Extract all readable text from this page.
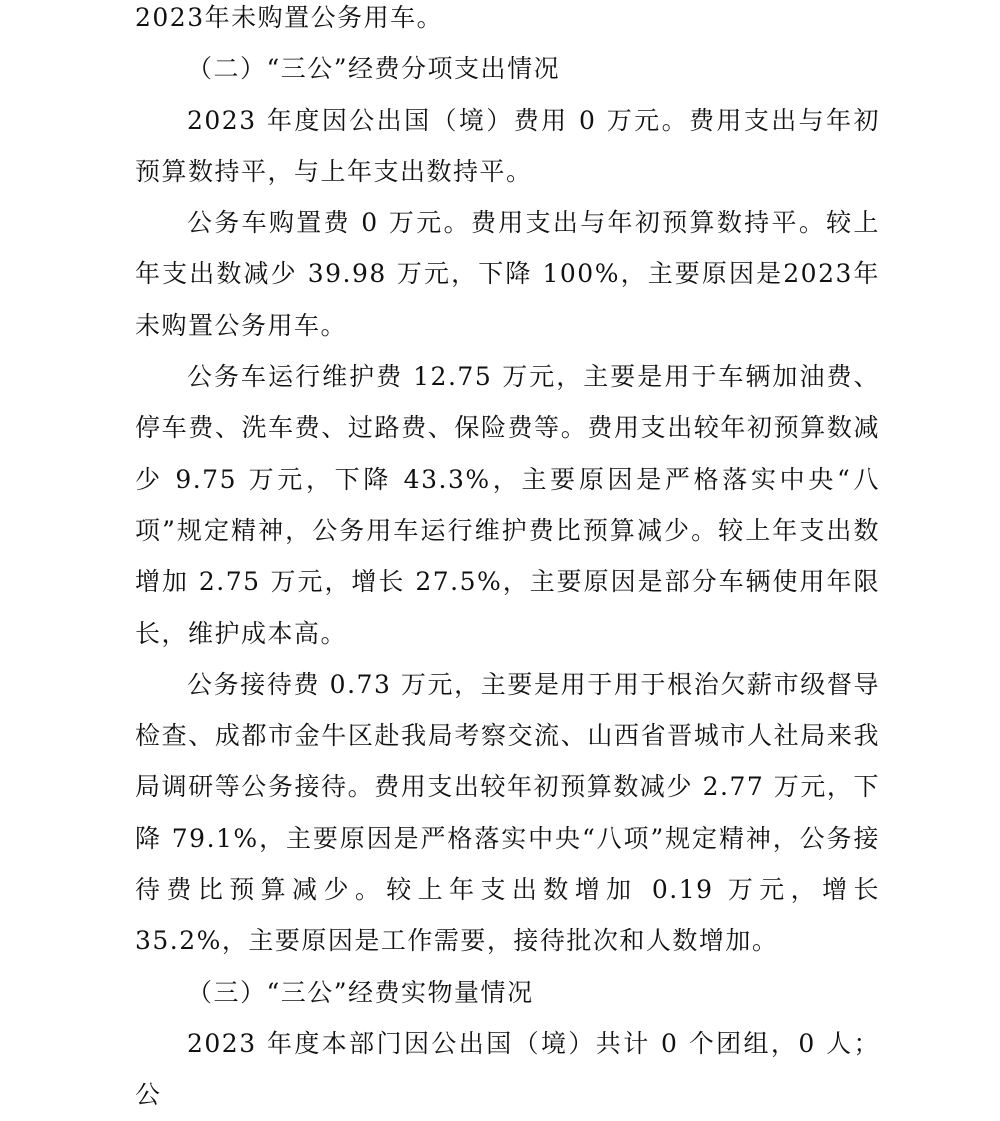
2023年未购置公务用车。

（二）“三公”经费分项支出情况

2023 年度因公出国（境）费用 0 万元。费用支出与年初预算数持平，与上年支出数持平。

公务车购置费 0 万元。费用支出与年初预算数持平。较上年支出数减少 39.98 万元，下降 100%，主要原因是2023年未购置公务用车。

公务车运行维护费 12.75 万元，主要是用于车辆加油费、停车费、洗车费、过路费、保险费等。费用支出较年初预算数减少 9.75 万元，下降 43.3%，主要原因是严格落实中央“八项”规定精神，公务用车运行维护费比预算减少。较上年支出数增加 2.75 万元，增长 27.5%，主要原因是部分车辆使用年限长，维护成本高。

公务接待费 0.73 万元，主要是用于用于根治欠薪市级督导检查、成都市金牛区赴我局考察交流、山西省晋城市人社局来我局调研等公务接待。费用支出较年初预算数减少 2.77 万元，下降 79.1%，主要原因是严格落实中央“八项”规定精神，公务接待费比预算减少。较上年支出数增加 0.19 万元，增长35.2%，主要原因是工作需要，接待批次和人数增加。

（三）“三公”经费实物量情况

2023 年度本部门因公出国（境）共计 0 个团组，0 人；公
